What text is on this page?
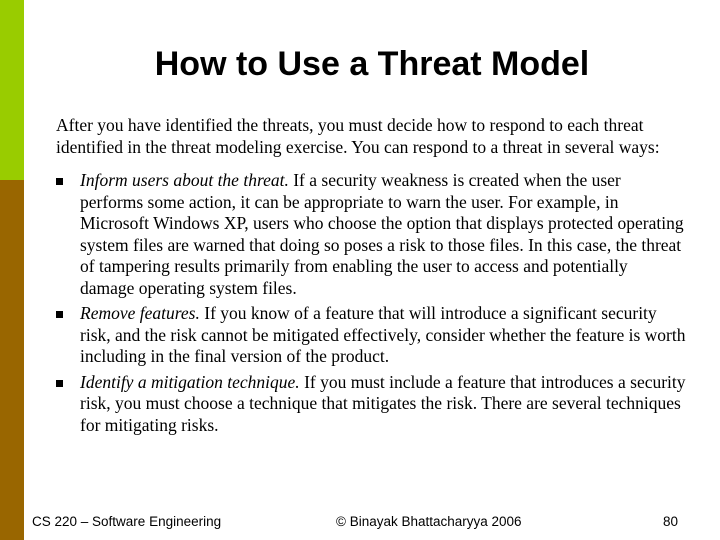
How to Use a Threat Model

After you have identified the threats, you must decide how to respond to each threat identified in the threat modeling exercise. You can respond to a threat in several ways:

Inform users about the threat. If a security weakness is created when the user performs some action, it can be appropriate to warn the user. For example, in Microsoft Windows XP, users who choose the option that displays protected operating system files are warned that doing so poses a risk to those files. In this case, the threat of tampering results primarily from enabling the user to access and potentially damage operating system files.
Remove features. If you know of a feature that will introduce a significant security risk, and the risk cannot be mitigated effectively, consider whether the feature is worth including in the final version of the product.
Identify a mitigation technique. If you must include a feature that introduces a security risk, you must choose a technique that mitigates the risk. There are several techniques for mitigating risks.
CS 220 – Software Engineering	© Binayak Bhattacharyya 2006	80
